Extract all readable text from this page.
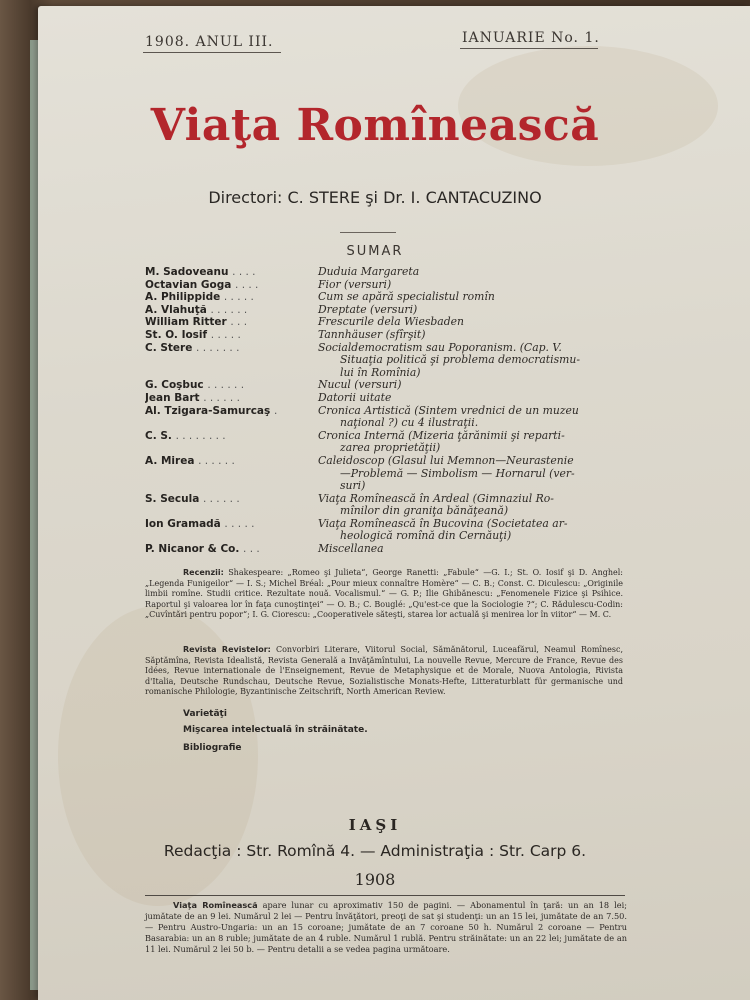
1908. ANUL III.	IANUARIE No. 1.
Viaţa Romînească
Directori: C. STERE şi Dr. I. CANTACUZINO
SUMAR
M. Sadoveanu . . . .	Duduia Margareta
Octavian Goga . . . .	Fior (versuri)
A. Philippide . . . . .	Cum se apără specialistul romîn
A. Vlahuţă . . . . . .	Dreptate (versuri)
William Ritter . . .	Frescurile dela Wiesbaden
St. O. Iosif . . . . .	Tannhäuser (sfîrşit)
C. Stere . . . . . . .	Socialdemocratism sau Poporanism. (Cap. V.
Situaţia politică şi problema democratismu-
lui în Romînia)
G. Coşbuc . . . . . .	Nucul (versuri)
Jean Bart . . . . . .	Datorii uitate
Al. Tzigara-Samurcaş .	Cronica Artistică (Sintem vrednici de un muzeu
naţional ?) cu 4 ilustraţii.
C. S. . . . . . . . .	Cronica Internă (Mizeria ţărănimii şi reparti-
zarea proprietăţii)
A. Mirea . . . . . .	Caleidoscop (Glasul lui Memnon—Neurastenie
—Problemă — Simbolism — Hornarul (ver-
suri)
S. Secula . . . . . .	Viaţa Romînească în Ardeal (Gimnaziul Ro-
mînilor din graniţa bănăţeană)
Ion Gramadă . . . . .	Viaţa Romînească în Bucovina (Societatea ar-
heologică romînă din Cernăuţi)
P. Nicanor & Co. . . .	Miscellanea
Recenzii: Shakespeare: „Romeo şi Julieta“, George Ranetti: „Fabule“ —G. I.; St. O. Iosif şi D. Anghel: „Legenda Funigeilor“ — I. S.; Michel Bréal: „Pour mieux connaître Homère“ — C. B.; Const. C. Diculescu: „Originile limbii romîne. Studii critice. Rezultate nouă. Vocalismul.“ — G. P.; Ilie Ghibănescu: „Fenomenele Fizice şi Psihice. Raportul şi valoarea lor în faţa cunoştinţei“ — O. B.; C. Bouglé: „Qu'est-ce que la Sociologie ?“; C. Rădulescu-Codin: „Cuvîntări pentru popor“; I. G. Ciorescu: „Cooperativele săteşti, starea lor actuală şi menirea lor în viitor“ — M. C.
Revista Revistelor: Convorbiri Literare, Viitorul Social, Sămănătorul, Luceafărul, Neamul Romînesc, Săptămîna, Revista Idealistă, Revista Generală a Invăţămîntului, La nouvelle Revue, Mercure de France, Revue des Idées, Revue internationale de l'Enseignement, Revue de Metaphysique et de Morale, Nuova Antologia, Rivista d'Italia, Deutsche Rundschau, Deutsche Revue, Sozialistische Monats-Hefte, Litteraturblatt für germanische und romanische Philologie, Byzantinische Zeitschrift, North American Review.
Varietăţi
Mişcarea intelectuală în străinătate.
Bibliografie
IAŞI
Redacţia : Str. Romînă 4. — Administraţia : Str. Carp 6.
1908
Viaţa Romînească apare lunar cu aproximativ 150 de pagini. — Abonamentul în ţară: un an 18 lei; jumătate de an 9 lei. Numărul 2 lei — Pentru învăţători, preoţi de sat şi studenţi: un an 15 lei, jumătate de an 7.50. — Pentru Austro-Ungaria: un an 15 coroane; jumătate de an 7 coroane 50 h. Numărul 2 coroane — Pentru Basarabia: un an 8 ruble; jumătate de an 4 ruble. Numărul 1 rublă. Pentru străinătate: un an 22 lei; jumătate de an 11 lei. Numărul 2 lei 50 b. — Pentru detalii a se vedea pagina următoare.
